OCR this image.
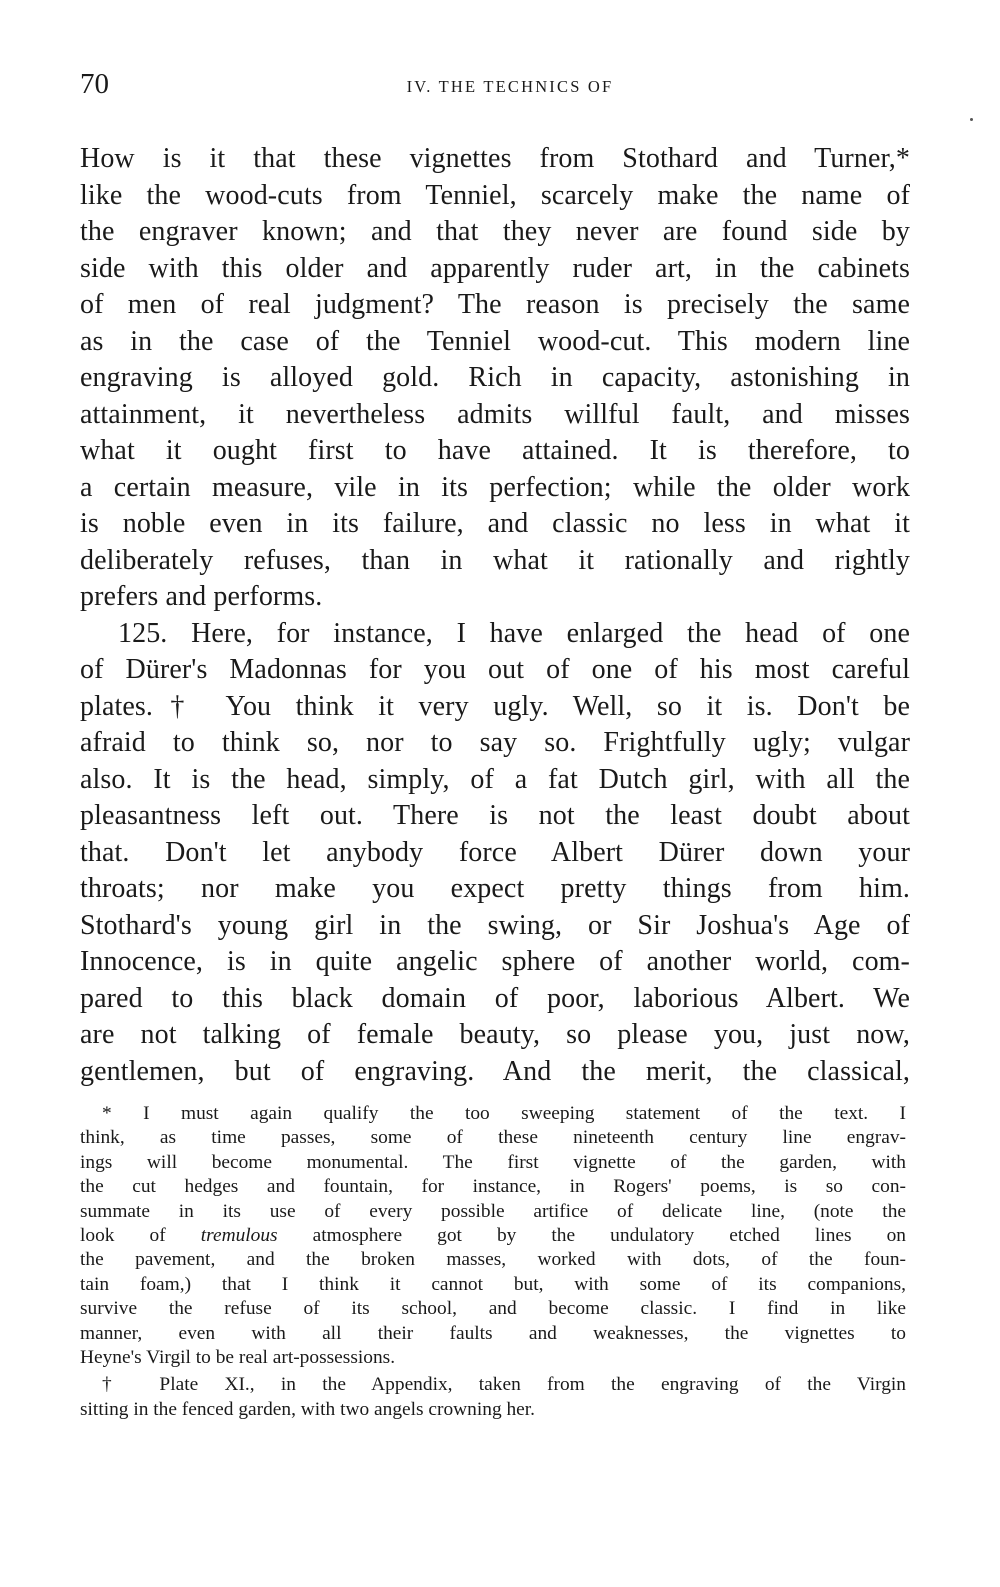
70	IV. THE TECHNICS OF
How is it that these vignettes from Stothard and Turner,*
like the wood-cuts from Tenniel, scarcely make the name of
the engraver known; and that they never are found side by
side with this older and apparently ruder art, in the cabinets
of men of real judgment? The reason is precisely the same
as in the case of the Tenniel wood-cut. This modern line
engraving is alloyed gold. Rich in capacity, astonishing in
attainment, it nevertheless admits willful fault, and misses
what it ought first to have attained. It is therefore, to
a certain measure, vile in its perfection; while the older work
is noble even in its failure, and classic no less in what it
deliberately refuses, than in what it rationally and rightly
prefers and performs.
125. Here, for instance, I have enlarged the head of one
of Dürer's Madonnas for you out of one of his most careful
plates.† You think it very ugly. Well, so it is. Don't be
afraid to think so, nor to say so. Frightfully ugly; vulgar
also. It is the head, simply, of a fat Dutch girl, with all the
pleasantness left out. There is not the least doubt about
that. Don't let anybody force Albert Dürer down your
throats; nor make you expect pretty things from him.
Stothard's young girl in the swing, or Sir Joshua's Age of
Innocence, is in quite angelic sphere of another world, com-
pared to this black domain of poor, laborious Albert. We
are not talking of female beauty, so please you, just now,
gentlemen, but of engraving. And the merit, the classical,
* I must again qualify the too sweeping statement of the text. I
think, as time passes, some of these nineteenth century line engrav-
ings will become monumental. The first vignette of the garden, with
the cut hedges and fountain, for instance, in Rogers' poems, is so con-
summate in its use of every possible artifice of delicate line, (note the
look of tremulous atmosphere got by the undulatory etched lines on
the pavement, and the broken masses, worked with dots, of the foun-
tain foam,) that I think it cannot but, with some of its companions,
survive the refuse of its school, and become classic. I find in like
manner, even with all their faults and weaknesses, the vignettes to
Heyne's Virgil to be real art-possessions.
† Plate XI., in the Appendix, taken from the engraving of the Virgin
sitting in the fenced garden, with two angels crowning her.
